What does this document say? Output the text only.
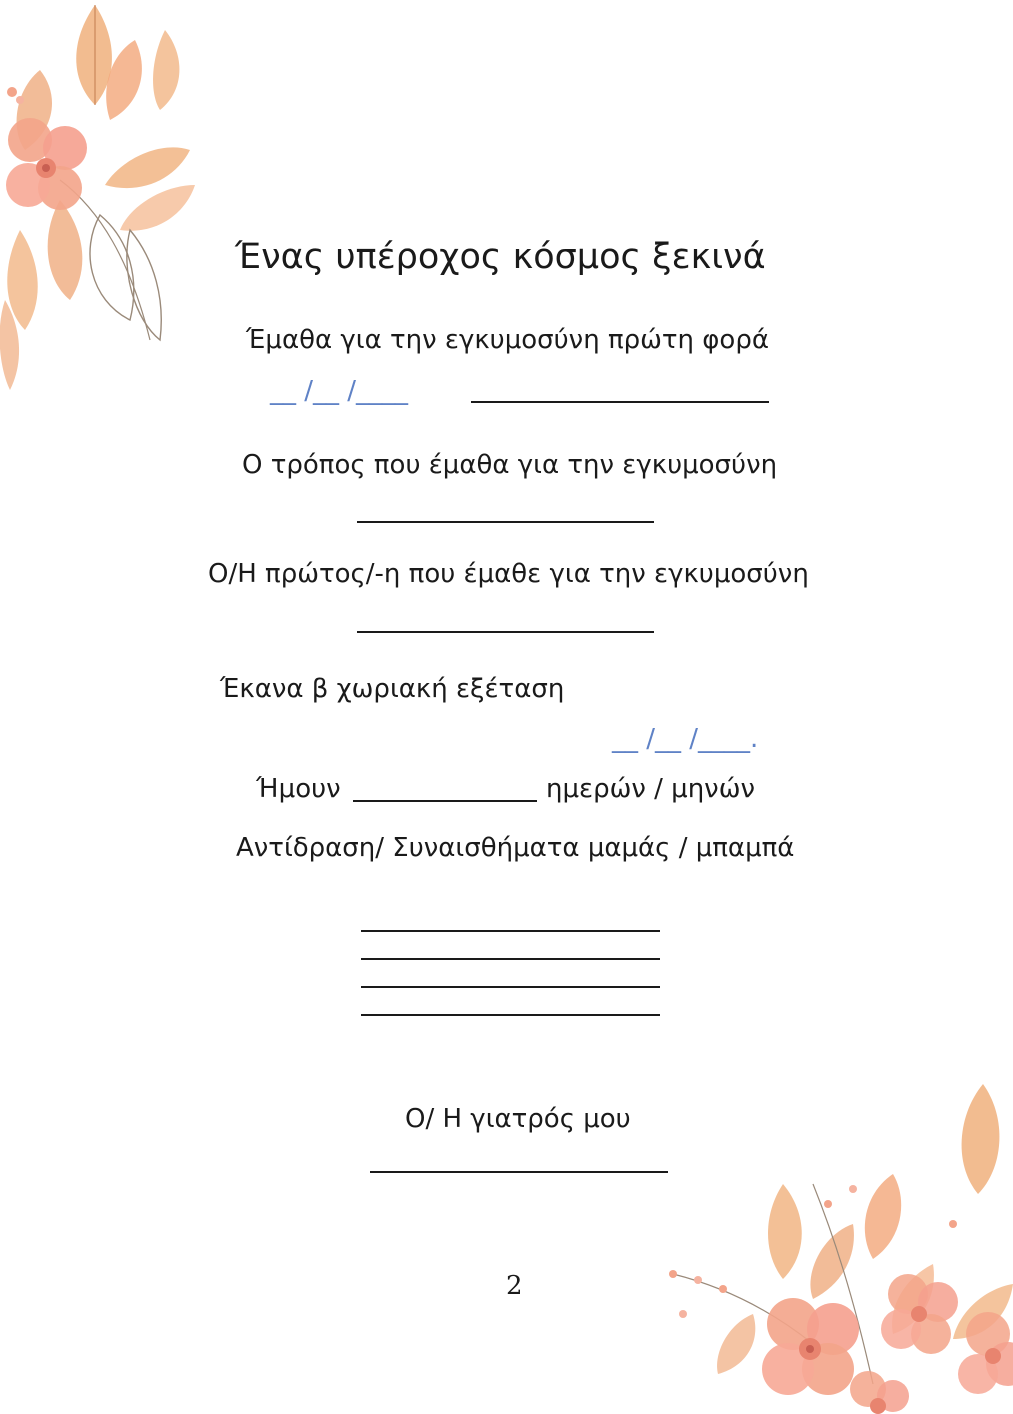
Ένας υπέροχος κόσμος ξεκινά
Έμαθα για την εγκυμοσύνη πρώτη φορά
__ /__ /____
Ο τρόπος που έμαθα για την εγκυμοσύνη
Ο/Η πρώτος/-η που έμαθε για την εγκυμοσύνη
Έκανα β χωριακή εξέταση
__ /__ /____.
Ήμουν	ημερών / μηνών
Αντίδραση/ Συναισθήματα μαμάς / μπαμπά
Ο/ Η γιατρός μου
2
